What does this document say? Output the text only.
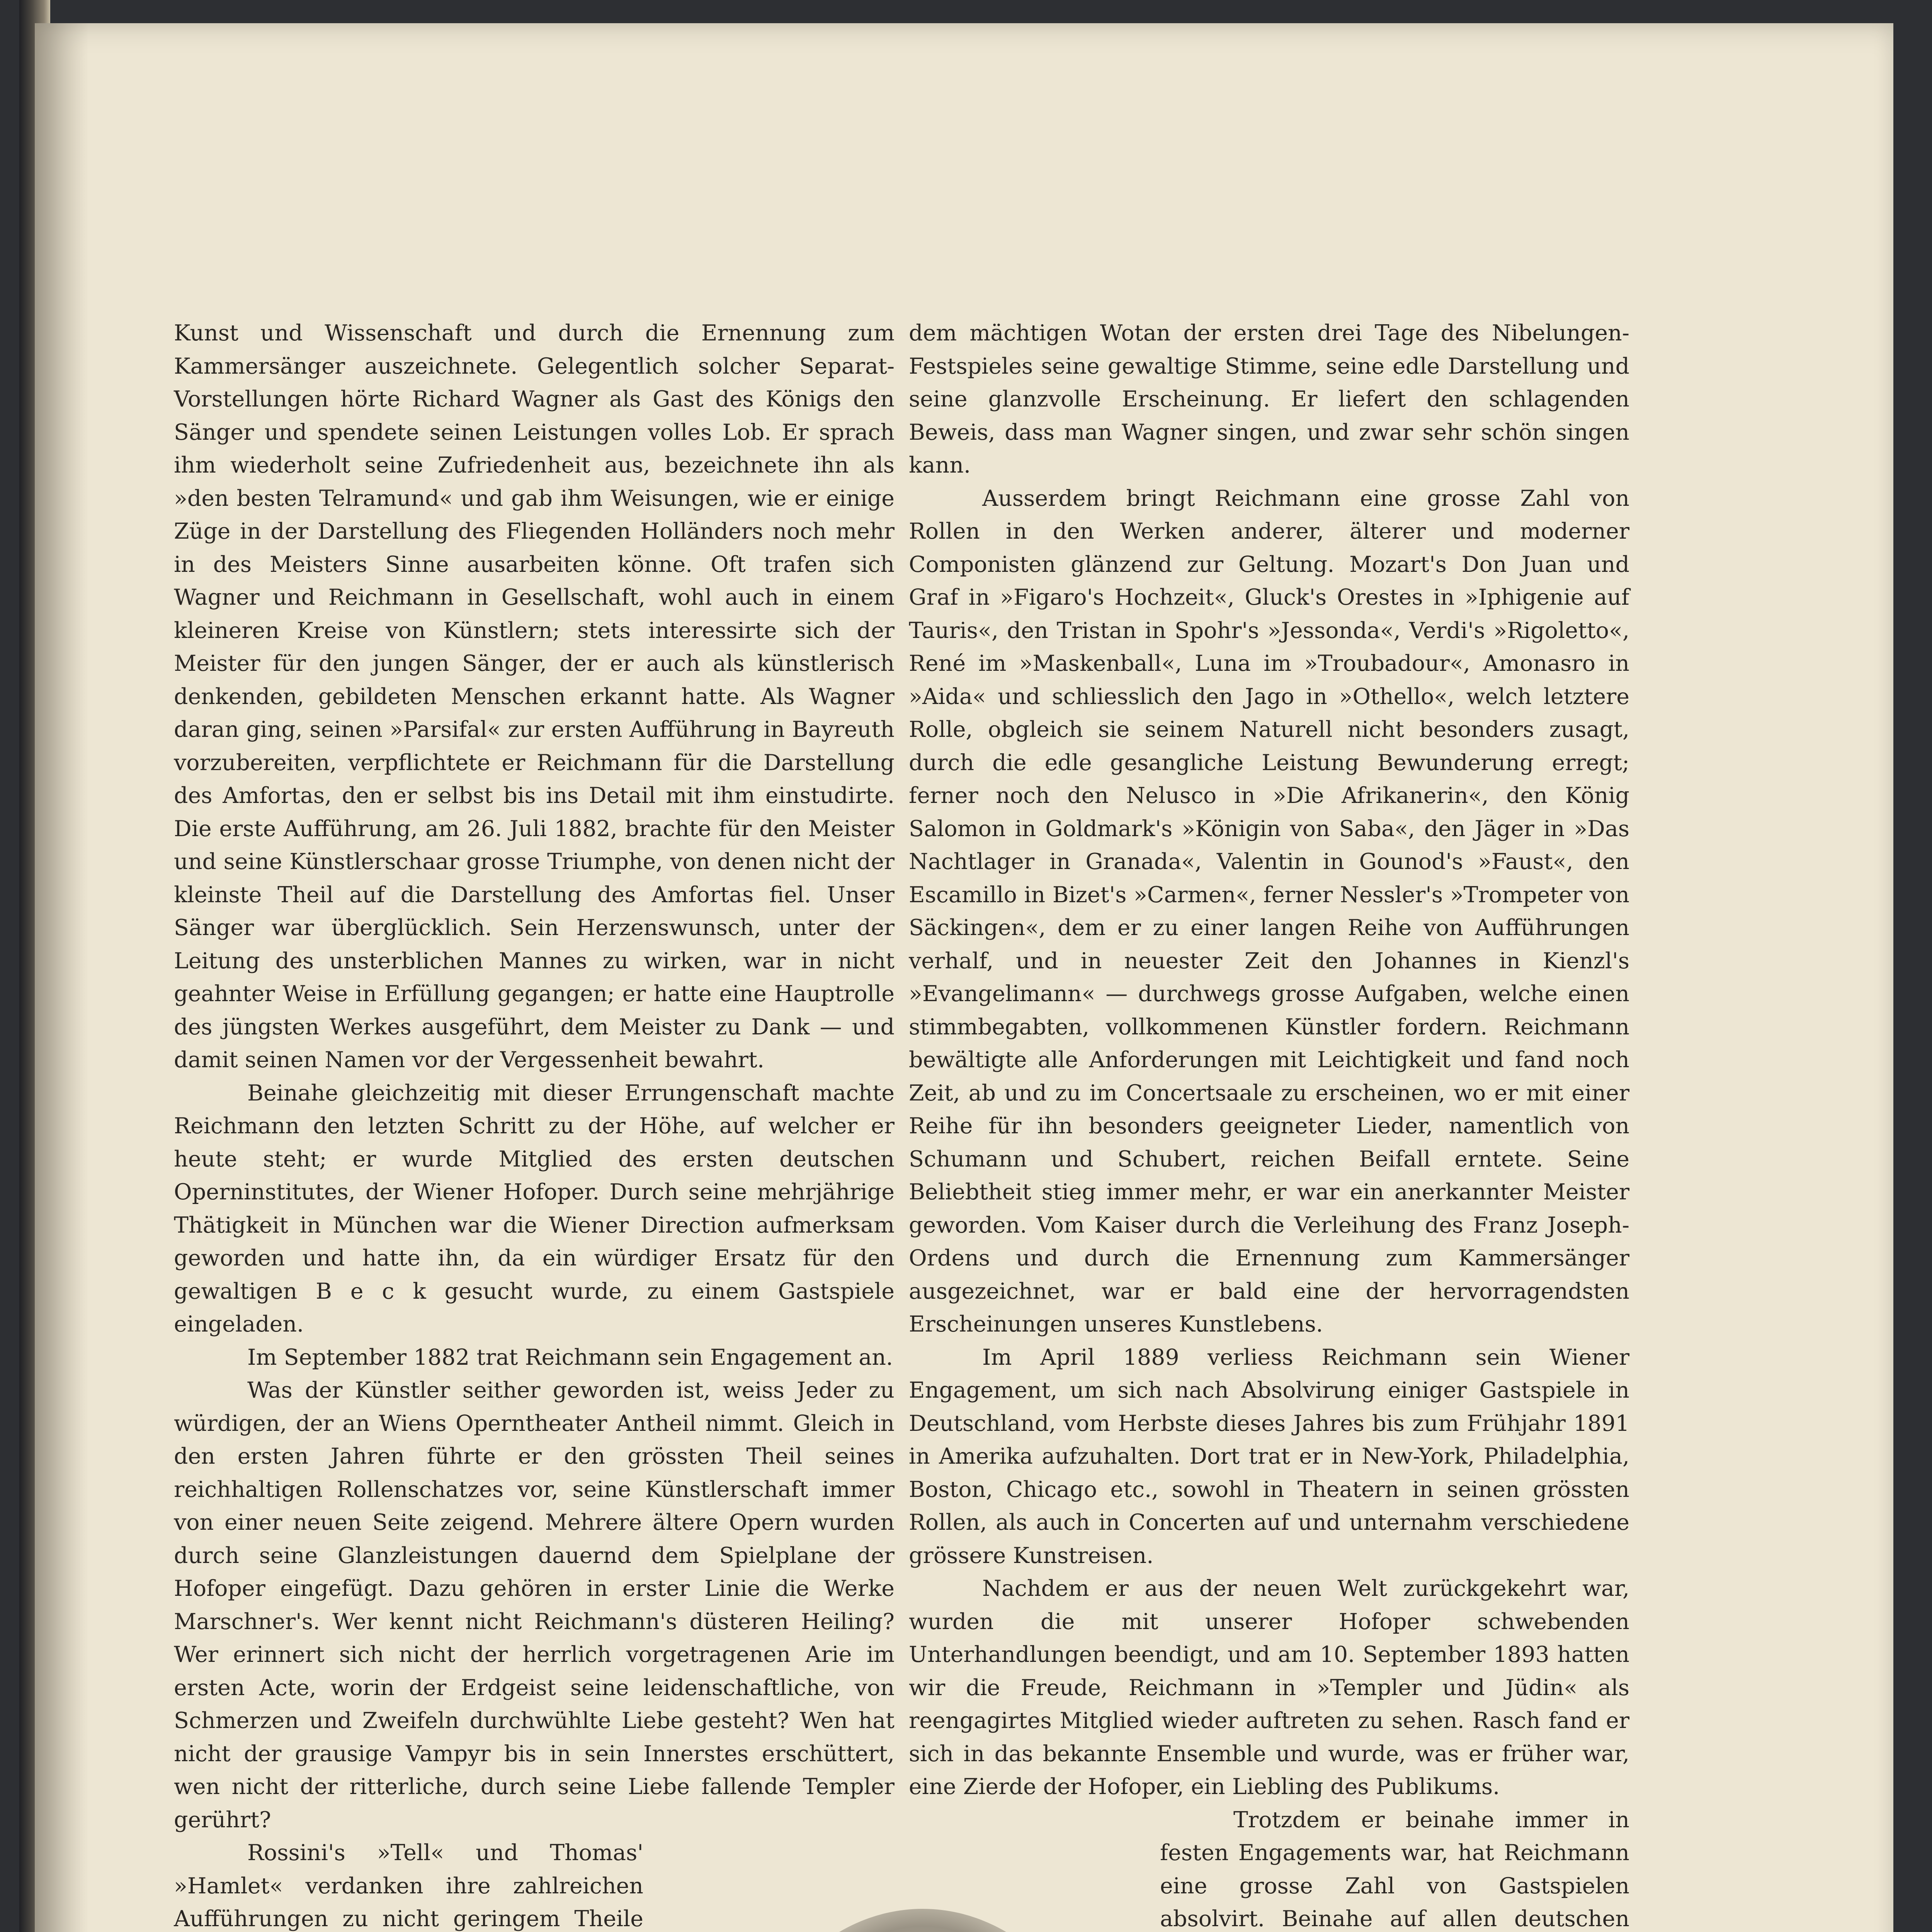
Kunst und Wissenschaft und durch die Ernennung zum Kammersänger auszeichnete. Gelegentlich solcher Separat-Vorstellungen hörte Richard Wagner als Gast des Königs den Sänger und spendete seinen Leistungen volles Lob. Er sprach ihm wiederholt seine Zufriedenheit aus, bezeichnete ihn als »den besten Telramund« und gab ihm Weisungen, wie er einige Züge in der Darstellung des Fliegenden Holländers noch mehr in des Meisters Sinne ausarbeiten könne. Oft trafen sich Wagner und Reichmann in Gesellschaft, wohl auch in einem kleineren Kreise von Künstlern; stets interessirte sich der Meister für den jungen Sänger, der er auch als künstlerisch denkenden, gebildeten Menschen erkannt hatte. Als Wagner daran ging, seinen »Parsifal« zur ersten Aufführung in Bayreuth vorzubereiten, verpflichtete er Reichmann für die Darstellung des Amfortas, den er selbst bis ins Detail mit ihm einstudirte. Die erste Aufführung, am 26. Juli 1882, brachte für den Meister und seine Künstlerschaar grosse Triumphe, von denen nicht der kleinste Theil auf die Darstellung des Amfortas fiel. Unser Sänger war überglücklich. Sein Herzenswunsch, unter der Leitung des unsterblichen Mannes zu wirken, war in nicht geahnter Weise in Erfüllung gegangen; er hatte eine Hauptrolle des jüngsten Werkes ausgeführt, dem Meister zu Dank — und damit seinen Namen vor der Vergessenheit bewahrt.

Beinahe gleichzeitig mit dieser Errungenschaft machte Reichmann den letzten Schritt zu der Höhe, auf welcher er heute steht; er wurde Mitglied des ersten deutschen Operninstitutes, der Wiener Hofoper. Durch seine mehrjährige Thätigkeit in München war die Wiener Direction aufmerksam geworden und hatte ihn, da ein würdiger Ersatz für den gewaltigen B e c k gesucht wurde, zu einem Gastspiele eingeladen.

Im September 1882 trat Reichmann sein Engagement an.

Was der Künstler seither geworden ist, weiss Jeder zu würdigen, der an Wiens Operntheater Antheil nimmt. Gleich in den ersten Jahren führte er den grössten Theil seines reichhaltigen Rollenschatzes vor, seine Künstlerschaft immer von einer neuen Seite zeigend. Mehrere ältere Opern wurden durch seine Glanzleistungen dauernd dem Spielplane der Hofoper eingefügt. Dazu gehören in erster Linie die Werke Marschner's. Wer kennt nicht Reichmann's düsteren Heiling? Wer erinnert sich nicht der herrlich vorgetragenen Arie im ersten Acte, worin der Erdgeist seine leidenschaftliche, von Schmerzen und Zweifeln durchwühlte Liebe gesteht? Wen hat nicht der grausige Vampyr bis in sein Innerstes erschüttert, wen nicht der ritterliche, durch seine Liebe fallende Templer gerührt?

Rossini's »Tell« und Thomas' »Hamlet« verdanken ihre zahlreichen Aufführungen zu nicht geringem Theile

dem mächtigen Wotan der ersten drei Tage des Nibelungen-Festspieles seine gewaltige Stimme, seine edle Darstellung und seine glanzvolle Erscheinung. Er liefert den schlagenden Beweis, dass man Wagner singen, und zwar sehr schön singen kann.

Ausserdem bringt Reichmann eine grosse Zahl von Rollen in den Werken anderer, älterer und moderner Componisten glänzend zur Geltung. Mozart's Don Juan und Graf in »Figaro's Hochzeit«, Gluck's Orestes in »Iphigenie auf Tauris«, den Tristan in Spohr's »Jessonda«, Verdi's »Rigoletto«, René im »Maskenball«, Luna im »Troubadour«, Amonasro in »Aida« und schliesslich den Jago in »Othello«, welch letztere Rolle, obgleich sie seinem Naturell nicht besonders zusagt, durch die edle gesangliche Leistung Bewunderung erregt; ferner noch den Nelusco in »Die Afrikanerin«, den König Salomon in Goldmark's »Königin von Saba«, den Jäger in »Das Nachtlager in Granada«, Valentin in Gounod's »Faust«, den Escamillo in Bizet's »Carmen«, ferner Nessler's »Trompeter von Säckingen«, dem er zu einer langen Reihe von Aufführungen verhalf, und in neuester Zeit den Johannes in Kienzl's »Evangelimann« — durchwegs grosse Aufgaben, welche einen stimmbegabten, vollkommenen Künstler fordern. Reichmann bewältigte alle Anforderungen mit Leichtigkeit und fand noch Zeit, ab und zu im Concertsaale zu erscheinen, wo er mit einer Reihe für ihn besonders geeigneter Lieder, namentlich von Schumann und Schubert, reichen Beifall erntete. Seine Beliebtheit stieg immer mehr, er war ein anerkannter Meister geworden. Vom Kaiser durch die Verleihung des Franz Joseph-Ordens und durch die Ernennung zum Kammersänger ausgezeichnet, war er bald eine der hervorragendsten Erscheinungen unseres Kunstlebens.

Im April 1889 verliess Reichmann sein Wiener Engagement, um sich nach Absolvirung einiger Gastspiele in Deutschland, vom Herbste dieses Jahres bis zum Frühjahr 1891 in Amerika aufzuhalten. Dort trat er in New-York, Philadelphia, Boston, Chicago etc., sowohl in Theatern in seinen grössten Rollen, als auch in Concerten auf und unternahm verschiedene grössere Kunstreisen.

Nachdem er aus der neuen Welt zurückgekehrt war, wurden die mit unserer Hofoper schwebenden Unterhandlungen beendigt, und am 10. September 1893 hatten wir die Freude, Reichmann in »Templer und Jüdin« als reengagirtes Mitglied wieder auftreten zu sehen. Rasch fand er sich in das bekannte Ensemble und wurde, was er früher war, eine Zierde der Hofoper, ein Liebling des Publikums.

Trotzdem er beinahe immer in festen Engagements war, hat Reichmann eine grosse Zahl von Gastspielen absolvirt. Beinahe auf allen deutschen
